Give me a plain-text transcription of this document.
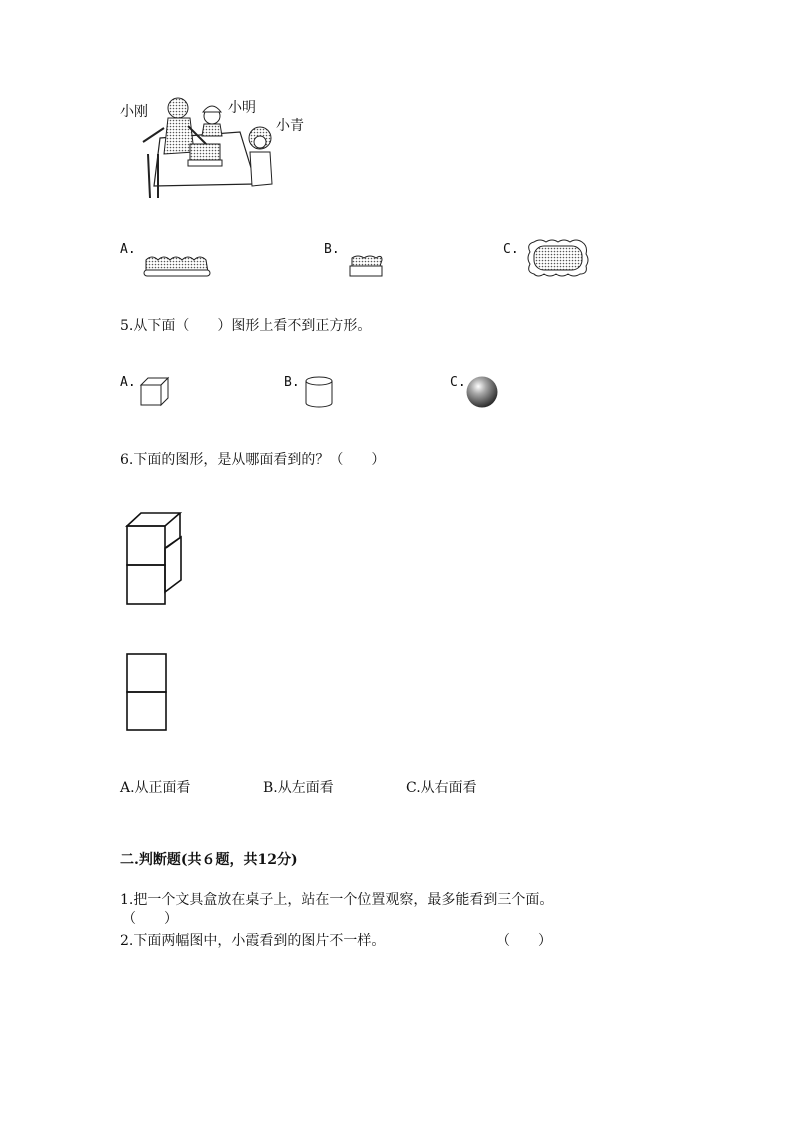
小刚	小明
小青
A.	B.	C.
5.从下面（　　）图形上看不到正方形。
A.	B.	C.
6.下面的图形，是从哪面看到的？（　　）
A.从正面看	B.从左面看	C.从右面看
二.判断题(共６题，共12分)
1.把一个文具盒放在桌子上，站在一个位置观察，最多能看到三个面。
（　　）
2.下面两幅图中，小霞看到的图片不一样。	（　　）
